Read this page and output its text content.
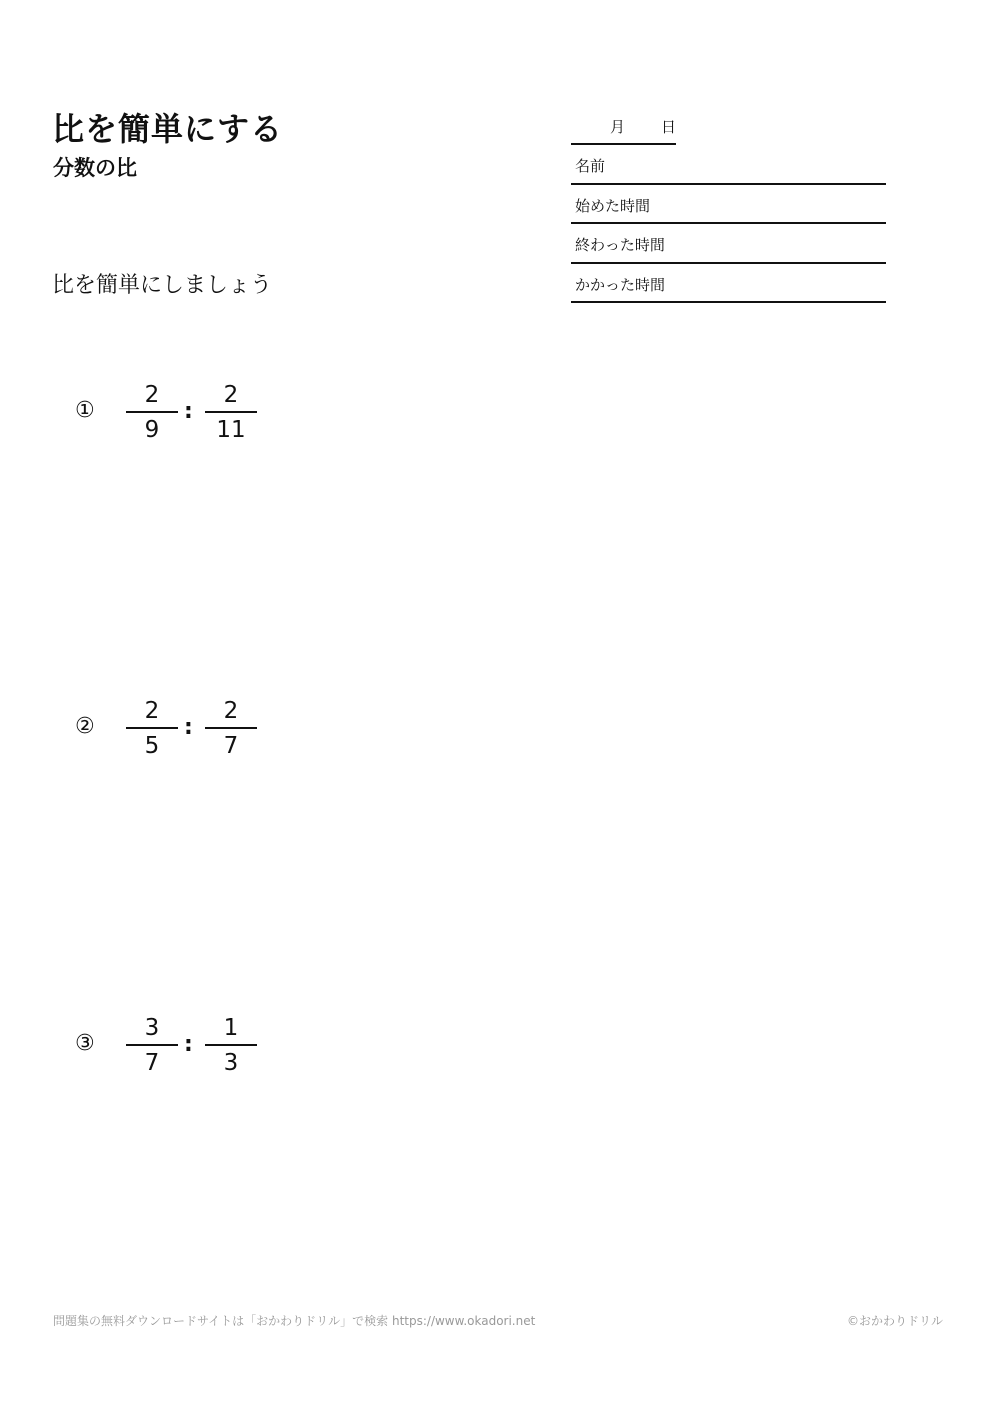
比を簡単にする
分数の比
比を簡単にしましょう
月 日
名前
始めた時間
終わった時間
かかった時間
①
2
9
:
2
11
②
2
5
:
2
7
③
3
7
:
1
3
問題集の無料ダウンロードサイトは「おかわりドリル」で検索 https://www.okadori.net	©おかわりドリル
